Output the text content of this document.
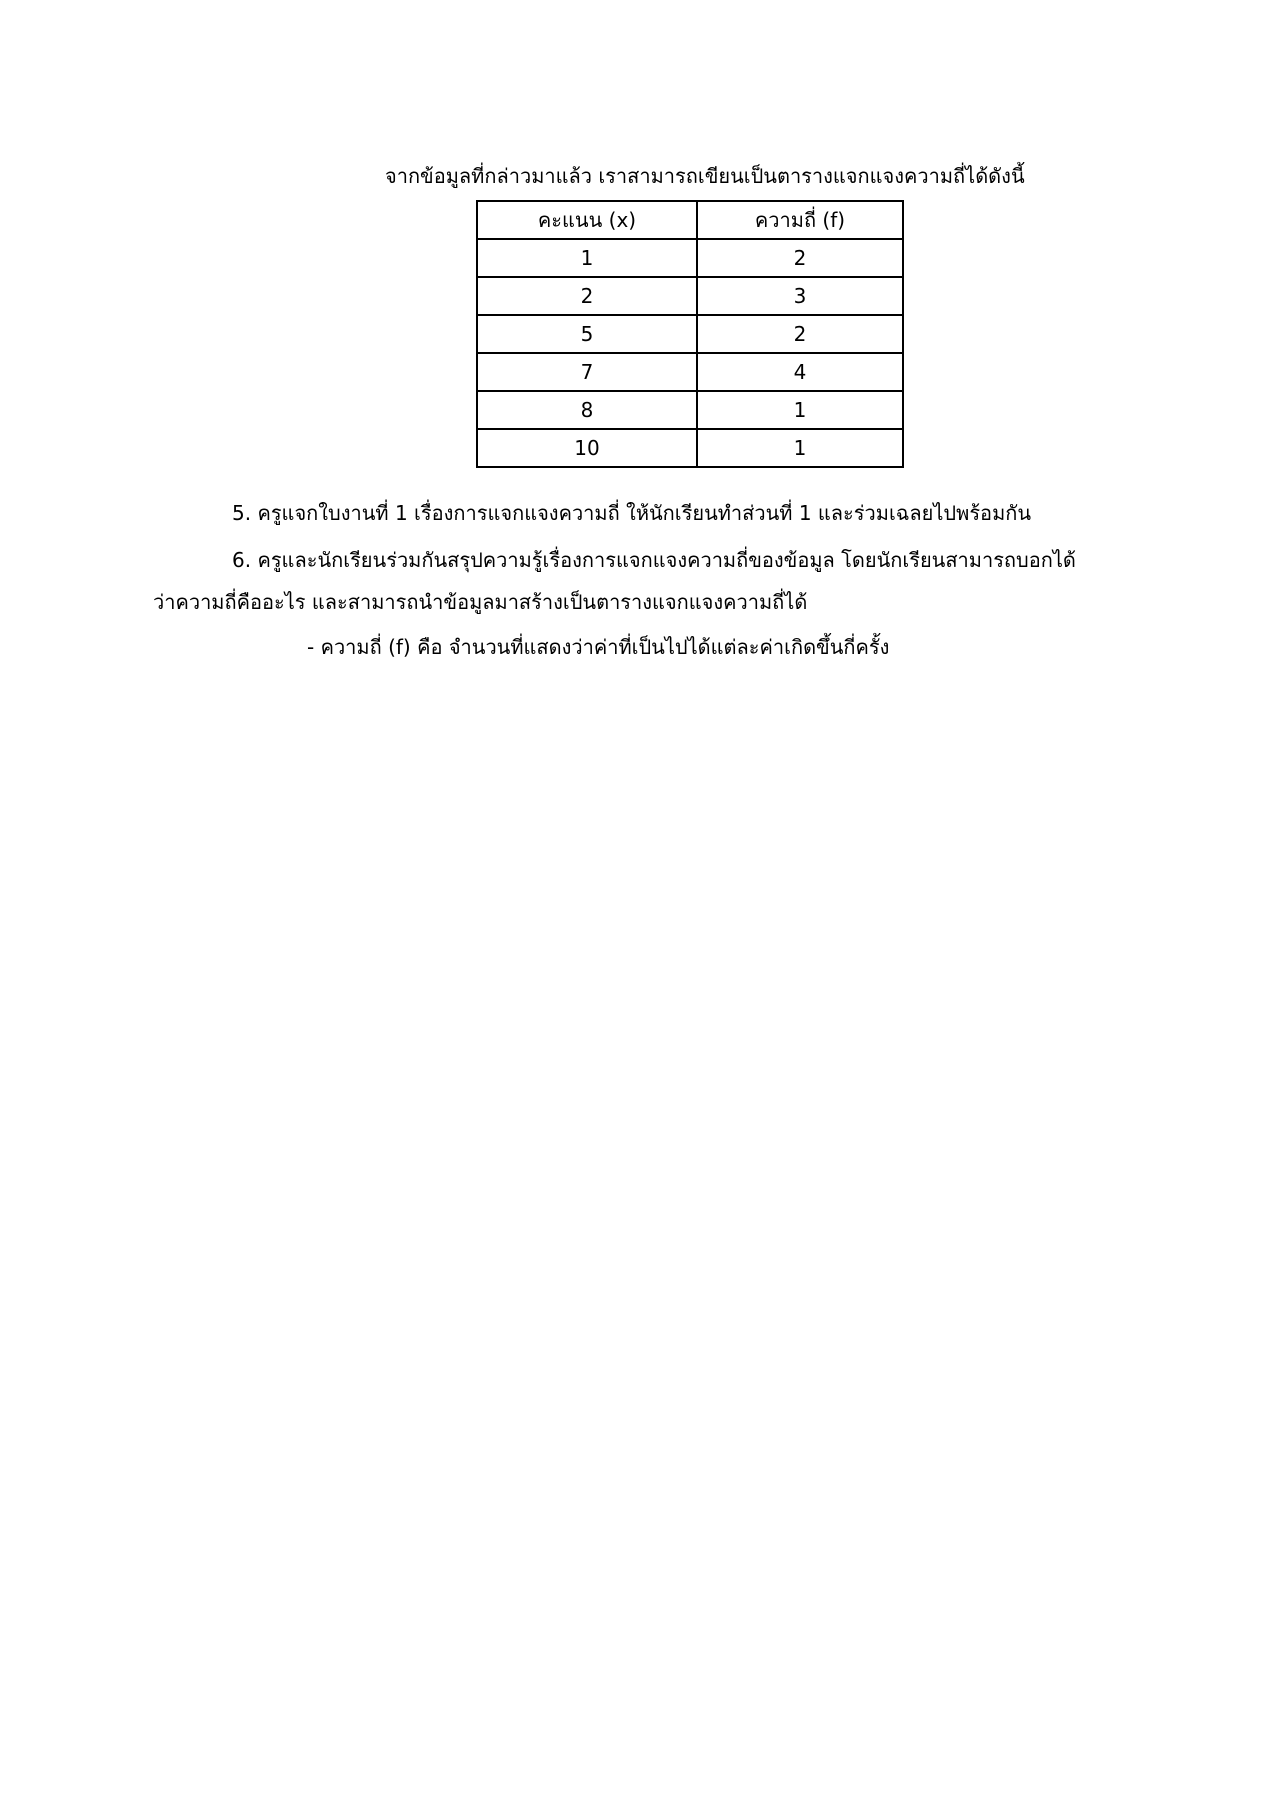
จากข้อมูลที่กล่าวมาแล้ว เราสามารถเขียนเป็นตารางแจกแจงความถี่ได้ดังนี้
คะแนน (x)	ความถี่ (f)
1	2
2	3
5	2
7	4
8	1
10	1
5. ครูแจกใบงานที่ 1 เรื่องการแจกแจงความถี่ ให้นักเรียนทำส่วนที่ 1 และร่วมเฉลยไปพร้อมกัน
6. ครูและนักเรียนร่วมกันสรุปความรู้เรื่องการแจกแจงความถี่ของข้อมูล โดยนักเรียนสามารถบอกได้
ว่าความถี่คืออะไร และสามารถนำข้อมูลมาสร้างเป็นตารางแจกแจงความถี่ได้
- ความถี่ (f) คือ จำนวนที่แสดงว่าค่าที่เป็นไปได้แต่ละค่าเกิดขึ้นกี่ครั้ง
